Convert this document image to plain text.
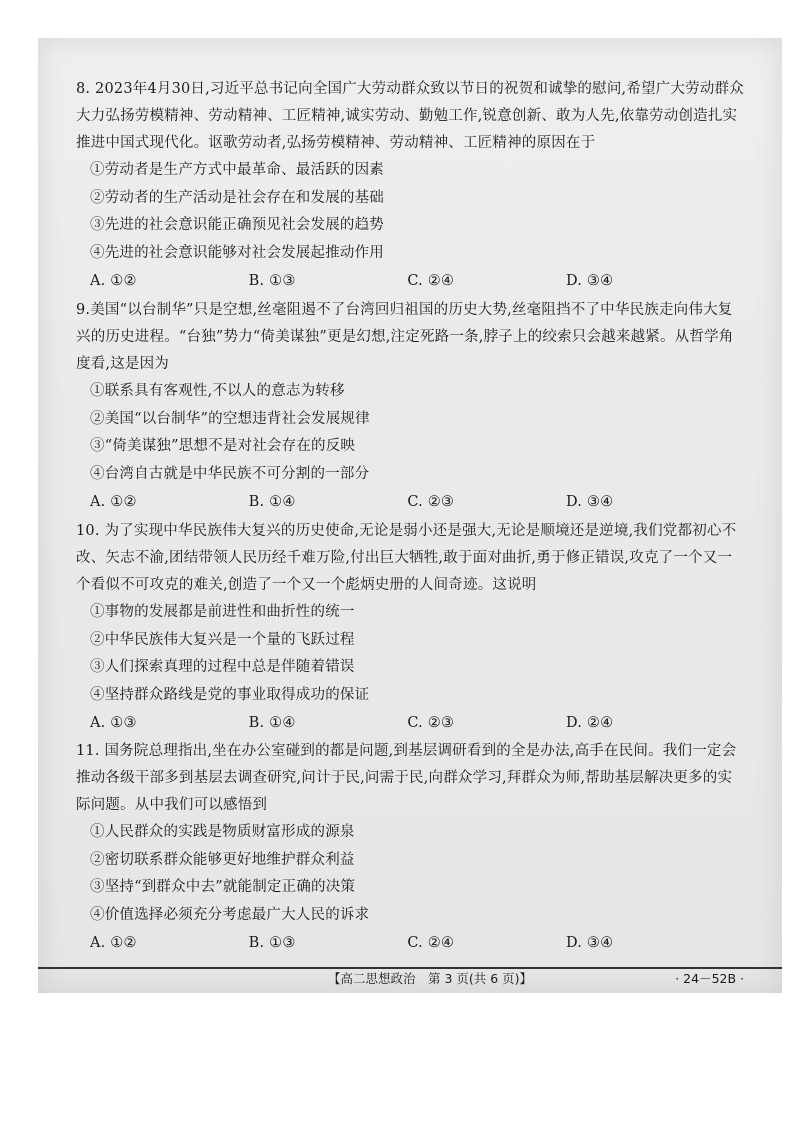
8. 2023年4月30日,习近平总书记向全国广大劳动群众致以节日的祝贺和诚挚的慰问,希望广大劳动群众大力弘扬劳模精神、劳动精神、工匠精神,诚实劳动、勤勉工作,锐意创新、敢为人先,依靠劳动创造扎实推进中国式现代化。讴歌劳动者,弘扬劳模精神、劳动精神、工匠精神的原因在于
①劳动者是生产方式中最革命、最活跃的因素
②劳动者的生产活动是社会存在和发展的基础
③先进的社会意识能正确预见社会发展的趋势
④先进的社会意识能够对社会发展起推动作用
A. ①②	B. ①③	C. ②④	D. ③④
9.美国“以台制华”只是空想,丝毫阻遏不了台湾回归祖国的历史大势,丝毫阻挡不了中华民族走向伟大复兴的历史进程。“台独”势力“倚美谋独”更是幻想,注定死路一条,脖子上的绞索只会越来越紧。从哲学角度看,这是因为
①联系具有客观性,不以人的意志为转移
②美国“以台制华”的空想违背社会发展规律
③“倚美谋独”思想不是对社会存在的反映
④台湾自古就是中华民族不可分割的一部分
A. ①②	B. ①④	C. ②③	D. ③④
10. 为了实现中华民族伟大复兴的历史使命,无论是弱小还是强大,无论是顺境还是逆境,我们党都初心不改、矢志不渝,团结带领人民历经千难万险,付出巨大牺牲,敢于面对曲折,勇于修正错误,攻克了一个又一个看似不可攻克的难关,创造了一个又一个彪炳史册的人间奇迹。这说明
①事物的发展都是前进性和曲折性的统一
②中华民族伟大复兴是一个量的飞跃过程
③人们探索真理的过程中总是伴随着错误
④坚持群众路线是党的事业取得成功的保证
A. ①③	B. ①④	C. ②③	D. ②④
11. 国务院总理指出,坐在办公室碰到的都是问题,到基层调研看到的全是办法,高手在民间。我们一定会推动各级干部多到基层去调查研究,问计于民,问需于民,向群众学习,拜群众为师,帮助基层解决更多的实际问题。从中我们可以感悟到
①人民群众的实践是物质财富形成的源泉
②密切联系群众能够更好地维护群众利益
③坚持“到群众中去”就能制定正确的决策
④价值选择必须充分考虑最广大人民的诉求
A. ①②	B. ①③	C. ②④	D. ③④
【高二思想政治　第 3 页(共 6 页)】	· 24－52B ·
